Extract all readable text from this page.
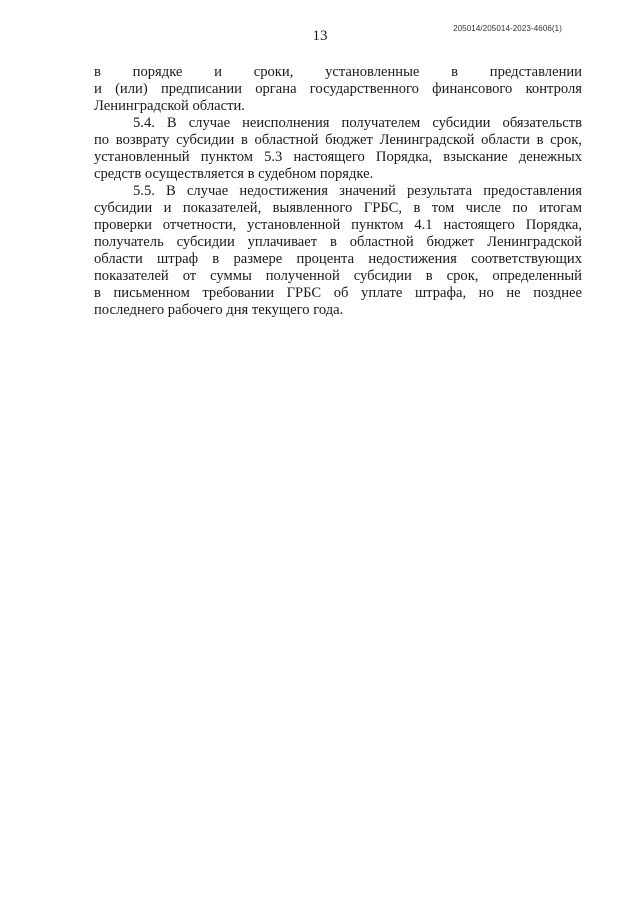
205014/205014-2023-4606(1)
13

в порядке и сроки, установленные в представлении
и (или) предписании органа государственного финансового контроля
Ленинградской области.

5.4. В случае неисполнения получателем субсидии обязательств
по возврату субсидии в областной бюджет Ленинградской области в срок,
установленный пунктом 5.3 настоящего Порядка, взыскание денежных
средств осуществляется в судебном порядке.

5.5. В случае недостижения значений результата предоставления
субсидии и показателей, выявленного ГРБС, в том числе по итогам
проверки отчетности, установленной пунктом 4.1 настоящего Порядка,
получатель субсидии уплачивает в областной бюджет Ленинградской
области штраф в размере процента недостижения соответствующих
показателей от суммы полученной субсидии в срок, определенный
в письменном требовании ГРБС об уплате штрафа, но не позднее
последнего рабочего дня текущего года.
